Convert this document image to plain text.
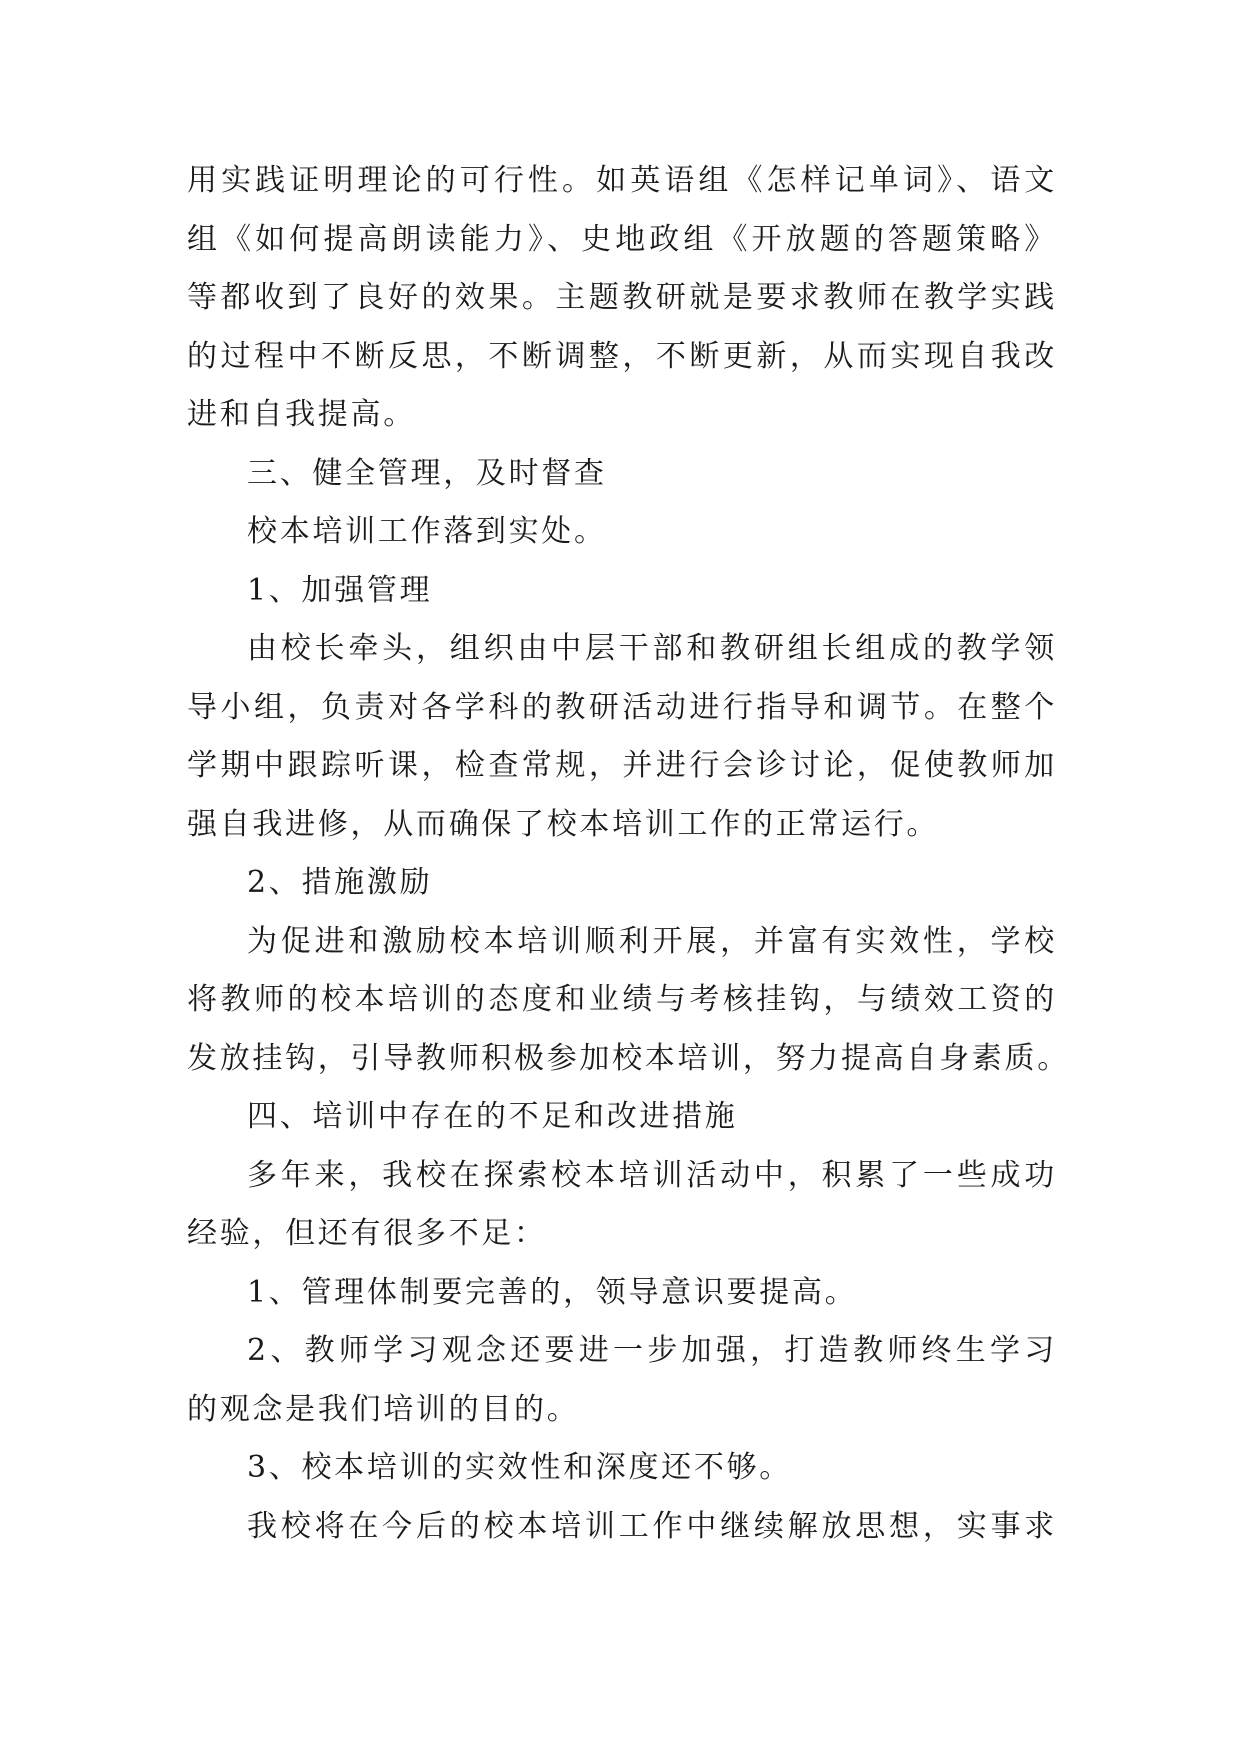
用实践证明理论的可行性。如英语组《怎样记单词》、语文
组《如何提高朗读能力》、史地政组《开放题的答题策略》
等都收到了良好的效果。主题教研就是要求教师在教学实践
的过程中不断反思，不断调整，不断更新，从而实现自我改
进和自我提高。
三、健全管理，及时督查
校本培训工作落到实处。
1、加强管理
由校长牵头，组织由中层干部和教研组长组成的教学领
导小组，负责对各学科的教研活动进行指导和调节。在整个
学期中跟踪听课，检查常规，并进行会诊讨论，促使教师加
强自我进修，从而确保了校本培训工作的正常运行。
2、措施激励
为促进和激励校本培训顺利开展，并富有实效性，学校
将教师的校本培训的态度和业绩与考核挂钩，与绩效工资的
发放挂钩，引导教师积极参加校本培训，努力提高自身素质。
四、培训中存在的不足和改进措施
多年来，我校在探索校本培训活动中，积累了一些成功
经验，但还有很多不足：
1、管理体制要完善的，领导意识要提高。
2、教师学习观念还要进一步加强，打造教师终生学习
的观念是我们培训的目的。
3、校本培训的实效性和深度还不够。
我校将在今后的校本培训工作中继续解放思想，实事求
